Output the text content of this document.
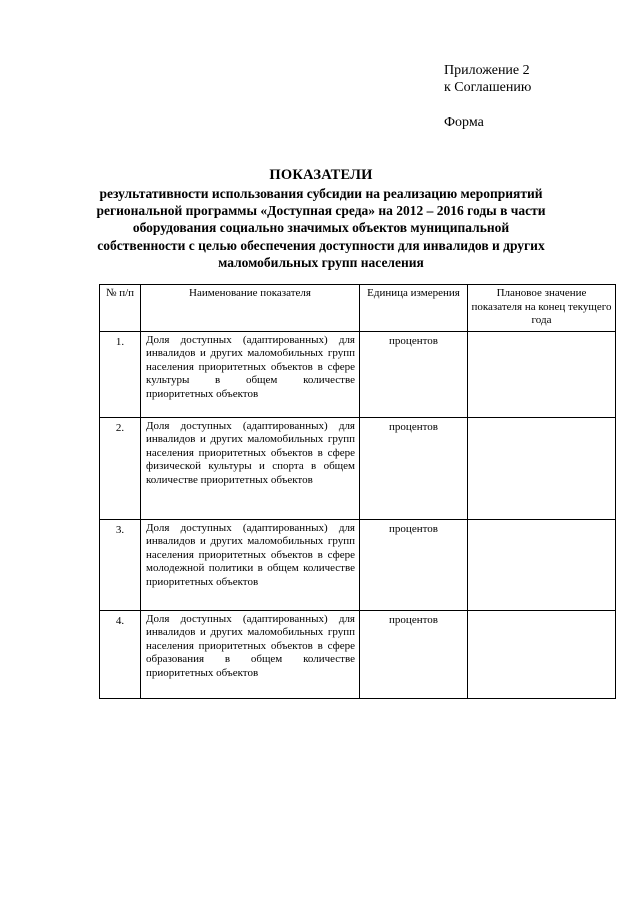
Приложение 2
к Соглашению
Форма
ПОКАЗАТЕЛИ
результативности использования субсидии на реализацию мероприятий региональной программы «Доступная среда» на 2012 – 2016 годы в части оборудования социально значимых объектов муниципальной собственности с целью обеспечения доступности для инвалидов и других маломобильных групп населения
№ п/п	Наименование показателя	Единица измерения	Плановое значение показателя на конец текущего года
1.	Доля доступных (адаптированных) для инвалидов и других маломобильных групп населения приоритетных объектов в сфере культуры в общем количестве приоритетных объектов	процентов	
2.	Доля доступных (адаптированных) для инвалидов и других маломобильных групп населения приоритетных объектов в сфере физической культуры и спорта в общем количестве приоритетных объектов	процентов	
3.	Доля доступных (адаптированных) для инвалидов и других маломобильных групп населения приоритетных объектов в сфере молодежной политики в общем количестве приоритетных объектов	процентов	
4.	Доля доступных (адаптированных) для инвалидов и других маломобильных групп населения приоритетных объектов в сфере образования в общем количестве приоритетных объектов	процентов	
